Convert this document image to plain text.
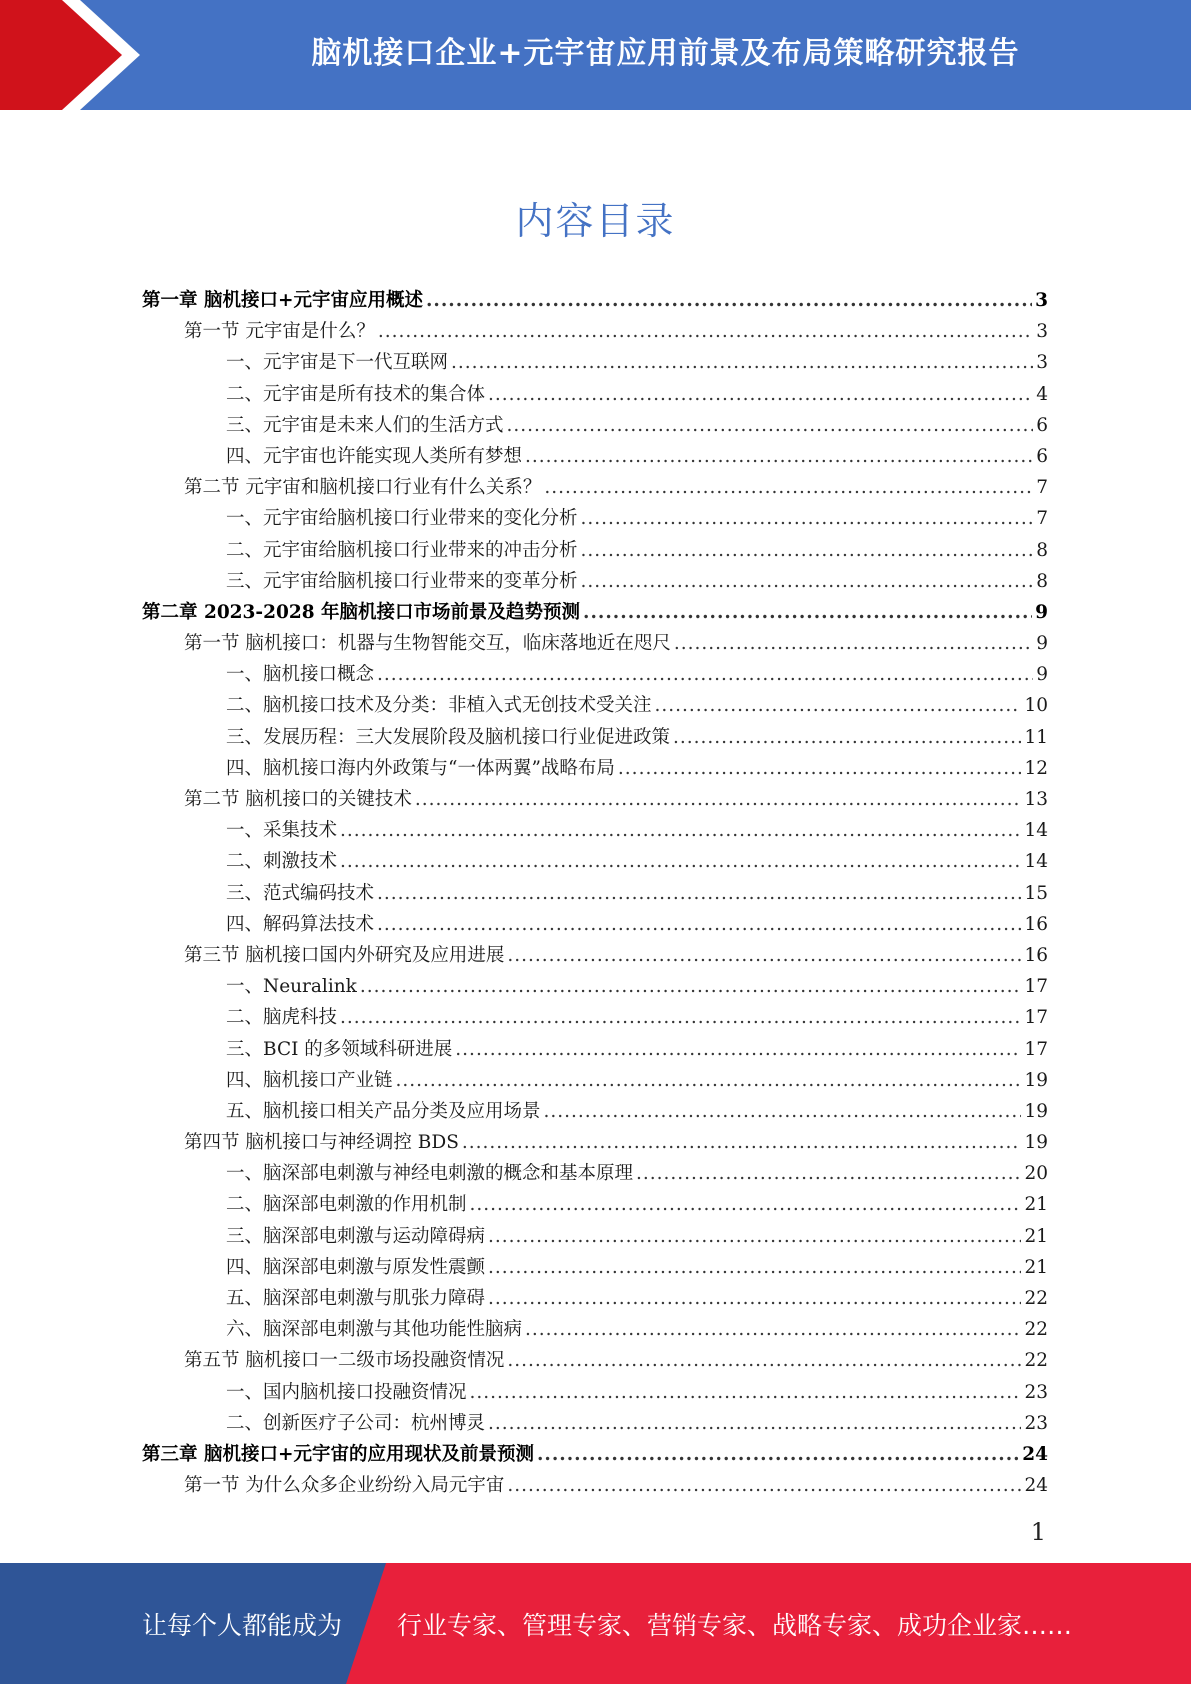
脑机接口企业+元宇宙应用前景及布局策略研究报告
内容目录
第一章 脑机接口+元宇宙应用概述 .....	3
第一节 元宇宙是什么？ .....	3
一、元宇宙是下一代互联网 .....	3
二、元宇宙是所有技术的集合体 .....	4
三、元宇宙是未来人们的生活方式 .....	6
四、元宇宙也许能实现人类所有梦想 .....	6
第二节 元宇宙和脑机接口行业有什么关系？ .....	7
一、元宇宙给脑机接口行业带来的变化分析 .....	7
二、元宇宙给脑机接口行业带来的冲击分析 .....	8
三、元宇宙给脑机接口行业带来的变革分析 .....	8
第二章 2023-2028 年脑机接口市场前景及趋势预测 .....	9
第一节 脑机接口：机器与生物智能交互，临床落地近在咫尺 .....	9
一、脑机接口概念 .....	9
二、脑机接口技术及分类：非植入式无创技术受关注 .....	10
三、发展历程：三大发展阶段及脑机接口行业促进政策 .....	11
四、脑机接口海内外政策与“一体两翼”战略布局 .....	12
第二节 脑机接口的关键技术 .....	13
一、采集技术 .....	14
二、刺激技术 .....	14
三、范式编码技术 .....	15
四、解码算法技术 .....	16
第三节 脑机接口国内外研究及应用进展 .....	16
一、Neuralink .....	17
二、脑虎科技 .....	17
三、BCI 的多领域科研进展 .....	17
四、脑机接口产业链 .....	19
五、脑机接口相关产品分类及应用场景 .....	19
第四节 脑机接口与神经调控 BDS .....	19
一、脑深部电刺激与神经电刺激的概念和基本原理 .....	20
二、脑深部电刺激的作用机制 .....	21
三、脑深部电刺激与运动障碍病 .....	21
四、脑深部电刺激与原发性震颤 .....	21
五、脑深部电刺激与肌张力障碍 .....	22
六、脑深部电刺激与其他功能性脑病 .....	22
第五节 脑机接口一二级市场投融资情况 .....	22
一、国内脑机接口投融资情况 .....	23
二、创新医疗子公司：杭州博灵 .....	23
第三章 脑机接口+元宇宙的应用现状及前景预测 .....	24
第一节 为什么众多企业纷纷入局元宇宙 .....	24
1
让每个人都能成为 行业专家、管理专家、营销专家、战略专家、成功企业家……
